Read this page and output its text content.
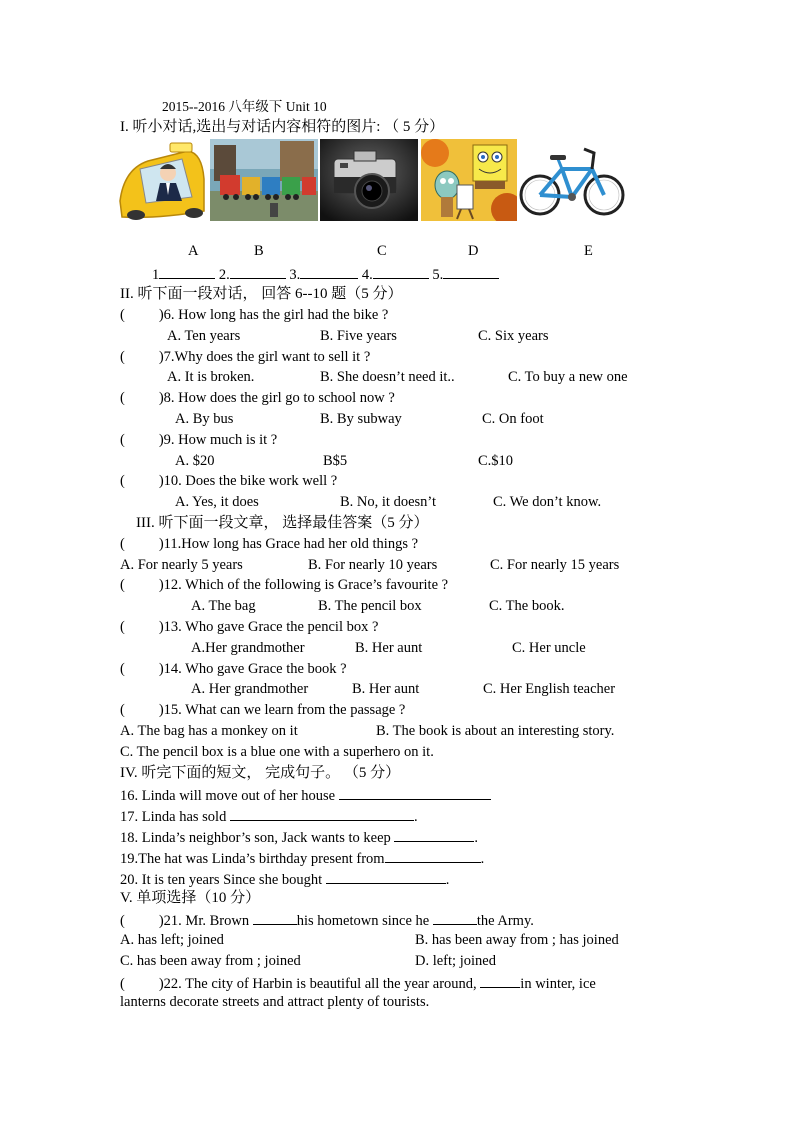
2015--2016 八年级下 Unit 10
I. 听小对话,选出与对话内容相符的图片: （ 5 分）
A	B	C	D	E
1	2.	3.	4.	5.
II. 听下面一段对话， 回答 6--10 题（5 分）
( )6. How long has the girl had the bike ?
A. Ten years	B. Five years	C. Six years
( )7.Why does the girl want to sell it ?
A. It is broken.	B. She doesn’t need it..	C. To buy a new one
( )8. How does the girl go to school now ?
A. By bus	B. By subway	C. On foot
( )9. How much is it ?
A. $20	B$5	C.$10
( )10. Does the bike work well ?
A. Yes, it does	B. No, it doesn’t	C. We don’t know.
III. 听下面一段文章， 选择最佳答案（5 分）
( )11.How long has Grace had her old things ?
A. For nearly 5 years	B. For nearly 10 years	C. For nearly 15 years
( )12. Which of the following is Grace’s favourite ?
A. The bag	B. The pencil box	C. The book.
( )13. Who gave Grace the pencil box ?
A.Her grandmother	B. Her aunt	C. Her uncle
( )14. Who gave Grace the book ?
A. Her grandmother	B. Her aunt	C. Her English teacher
( )15. What can we learn from the passage ?
A. The bag has a monkey on it	B. The book is about an interesting story.
C. The pencil box is a blue one with a superhero on it.
IV. 听完下面的短文， 完成句子。 （5 分）
16. Linda will move out of her house
17. Linda has sold	.
18. Linda’s neighbor’s son, Jack wants to keep	.
19.The hat was Linda’s birthday present from	.
20. It is ten years Since she bought	.
V. 单项选择（10 分）
( )21. Mr. Brown	his hometown since he	the Army.
A. has left; joined	B. has been away from ; has joined
C. has been away from ; joined	D. left; joined
( )22. The city of Harbin is beautiful all the year around,	in winter, ice
lanterns decorate streets and attract plenty of tourists.
